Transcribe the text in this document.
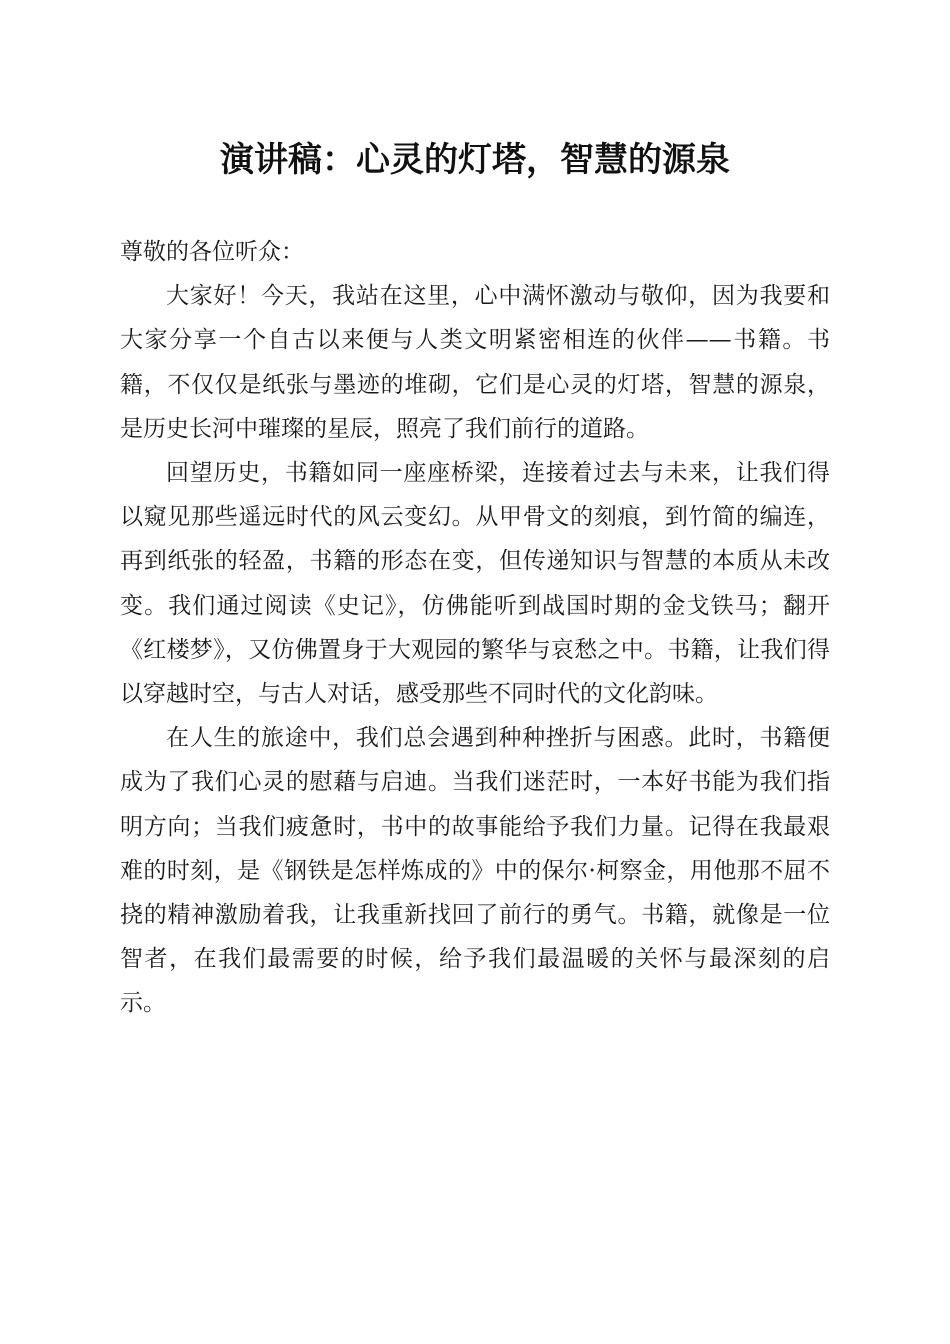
演讲稿：心灵的灯塔，智慧的源泉

尊敬的各位听众：

大家好！今天，我站在这里，心中满怀激动与敬仰，因为我要和大家分享一个自古以来便与人类文明紧密相连的伙伴——书籍。书籍，不仅仅是纸张与墨迹的堆砌，它们是心灵的灯塔，智慧的源泉，是历史长河中璀璨的星辰，照亮了我们前行的道路。

回望历史，书籍如同一座座桥梁，连接着过去与未来，让我们得以窥见那些遥远时代的风云变幻。从甲骨文的刻痕，到竹简的编连，再到纸张的轻盈，书籍的形态在变，但传递知识与智慧的本质从未改变。我们通过阅读《史记》，仿佛能听到战国时期的金戈铁马；翻开《红楼梦》，又仿佛置身于大观园的繁华与哀愁之中。书籍，让我们得以穿越时空，与古人对话，感受那些不同时代的文化韵味。

在人生的旅途中，我们总会遇到种种挫折与困惑。此时，书籍便成为了我们心灵的慰藉与启迪。当我们迷茫时，一本好书能为我们指明方向；当我们疲惫时，书中的故事能给予我们力量。记得在我最艰难的时刻，是《钢铁是怎样炼成的》中的保尔·柯察金，用他那不屈不挠的精神激励着我，让我重新找回了前行的勇气。书籍，就像是一位智者，在我们最需要的时候，给予我们最温暖的关怀与最深刻的启示。
